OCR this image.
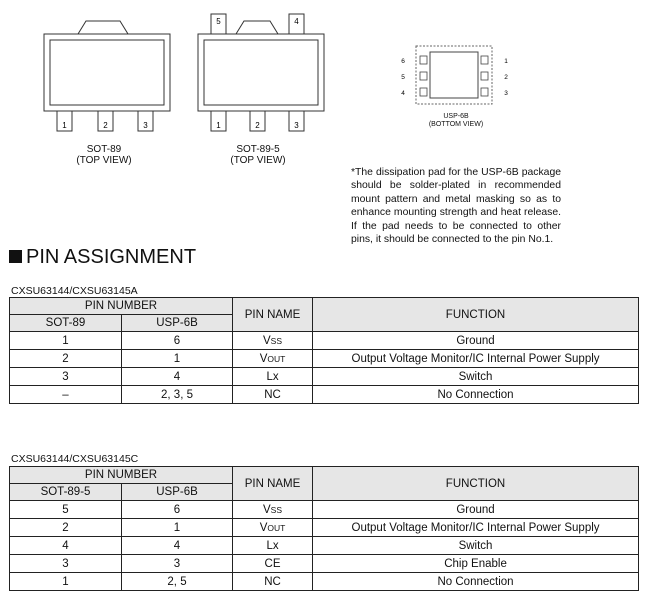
1	2	3
SOT-89
(TOP VIEW)
5	4
1	2	3
SOT-89-5
(TOP VIEW)
6
5
4
1
2
3
USP-6B
(BOTTOM VIEW)
*The dissipation pad for the USP-6B package should be solder-plated in recommended mount pattern and metal masking so as to enhance mounting strength and heat release. If the pad needs to be connected to other pins, it should be connected to the pin No.1.
PIN ASSIGNMENT
CXSU63144/CXSU63145A
PIN NUMBER		PIN NAME	FUNCTION
SOT-89	USP-6B		
1	6	VSS	Ground
2	1	VOUT	Output Voltage Monitor/IC Internal Power Supply
3	4	Lx	Switch
–	2, 3, 5	NC	No Connection
CXSU63144/CXSU63145C
PIN NUMBER		PIN NAME	FUNCTION
SOT-89-5	USP-6B		
5	6	VSS	Ground
2	1	VOUT	Output Voltage Monitor/IC Internal Power Supply
4	4	Lx	Switch
3	3	CE	Chip Enable
1	2, 5	NC	No Connection
